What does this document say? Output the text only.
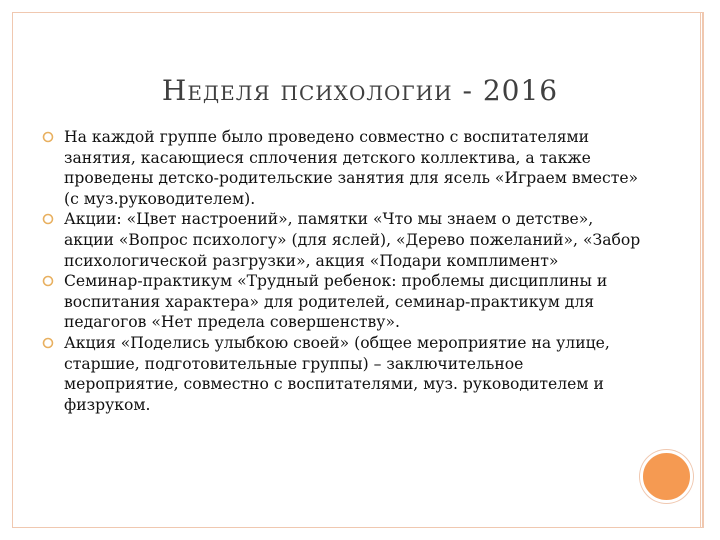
Неделя психологии - 2016
На каждой группе было проведено совместно с воспитателями занятия, касающиеся сплочения детского коллектива, а также проведены детско-родительские занятия для ясель «Играем вместе» (с муз.руководителем).
Акции: «Цвет настроений», памятки «Что мы знаем о детстве», акции «Вопрос психологу» (для яслей), «Дерево пожеланий», «Забор психологической разгрузки», акция «Подари комплимент»
Семинар-практикум «Трудный ребенок: проблемы дисциплины и воспитания характера» для родителей, семинар-практикум для педагогов «Нет предела совершенству».
Акция «Поделись улыбкою своей» (общее мероприятие на улице, старшие, подготовительные группы) – заключительное мероприятие, совместно с воспитателями, муз. руководителем и физруком.
